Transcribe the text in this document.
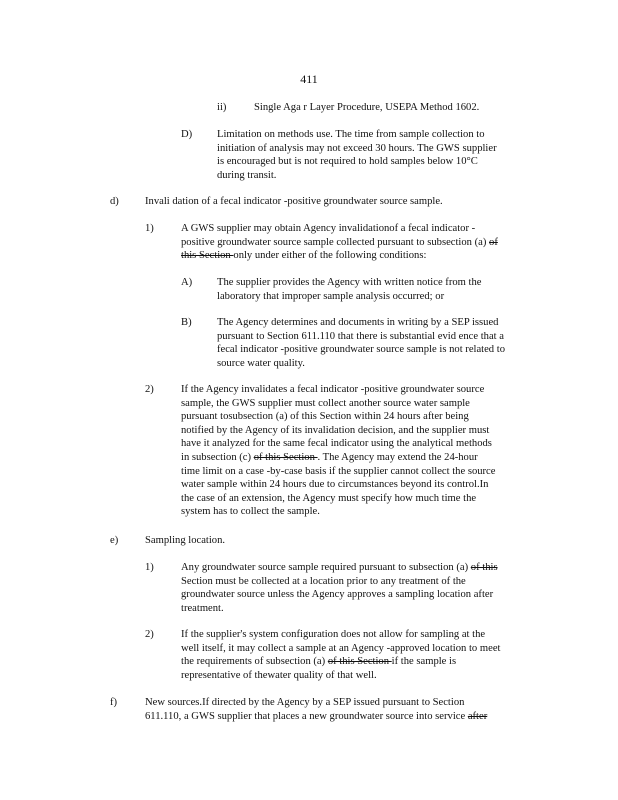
411
ii)	Single Aga r Layer Procedure, USEPA Method 1602.
D) Limitation on methods use. The time from sample collection to
initiation of analysis may not exceed 30 hours. The GWS supplier
is encouraged but is not required to hold samples below 10°C
during transit.
d) Invali dation of a fecal indicator -positive groundwater source sample.
1)	A GWS supplier may obtain Agency invalidationof a fecal indicator -
positive groundwater source sample collected pursuant to subsection (a) of
this Section only under either of the following conditions:
A) The supplier provides the Agency with written notice from the
laboratory that improper sample analysis occurred; or
B) The Agency determines and documents in writing by a SEP issued
pursuant to Section 611.110 that there is substantial evid ence that a
fecal indicator -positive groundwater source sample is not related to
source water quality.
2)	If the Agency invalidates a fecal indicator -positive groundwater source
sample, the GWS supplier must collect another source water sample
pursuant tosubsection (a) of this Section within 24 hours after being
notified by the Agency of its invalidation decision, and the supplier must
have it analyzed for the same fecal indicator using the analytical methods
in subsection (c) of this Section . The Agency may extend the 24-hour
time limit on a case -by-case basis if the supplier cannot collect the source
water sample within 24 hours due to circumstances beyond its control.In
the case of an extension, the Agency must specify how much time the
system has to collect the sample.
e)	Sampling location.
1)	Any groundwater source sample required pursuant to subsection (a) of this
Section must be collected at a location prior to any treatment of the
groundwater source unless the Agency approves a sampling location after
treatment.
2)	If the supplier's system configuration does not allow for sampling at the
well itself, it may collect a sample at an Agency -approved location to meet
the requirements of subsection (a) of this Section if the sample is
representative of thewater quality of that well.
f)	New sources.If directed by the Agency by a SEP issued pursuant to Section
611.110, a GWS supplier that places a new groundwater source into service after
